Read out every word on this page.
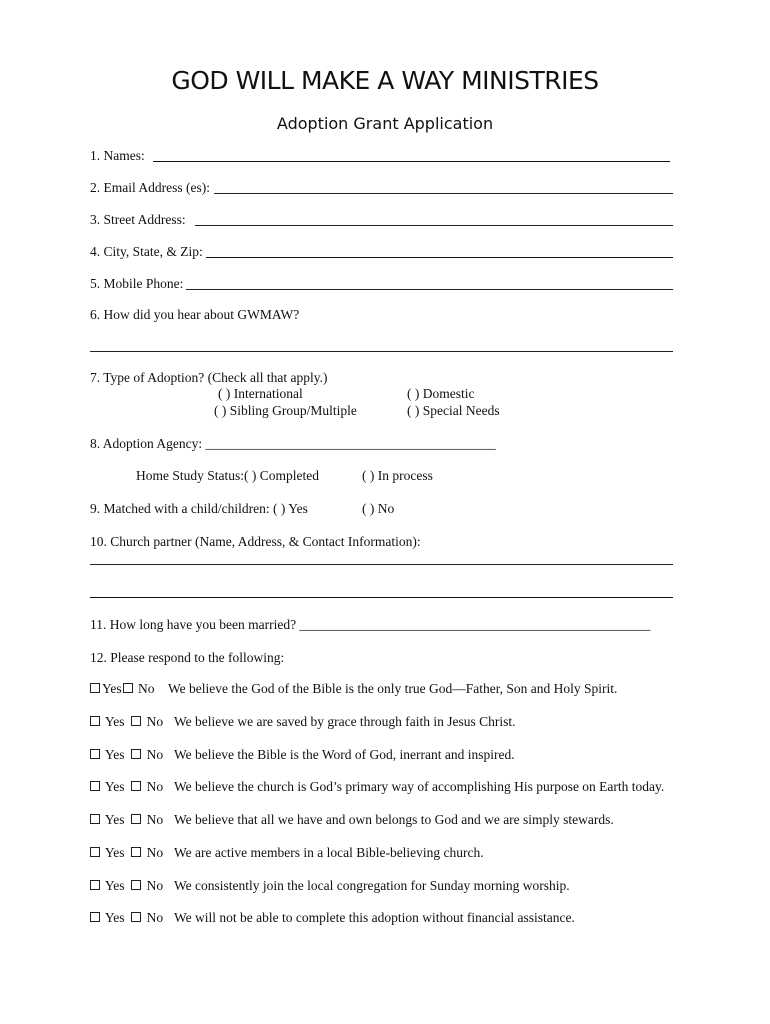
GOD WILL MAKE A WAY MINISTRIES
Adoption Grant Application
1. Names:
2. Email Address (es):
3. Street Address:
4. City, State, & Zip:
5. Mobile Phone:
6. How did you hear about GWMAW?
7. Type of Adoption? (Check all that apply.)
( ) International	( ) Domestic
( ) Sibling Group/Multiple	( ) Special Needs
8. Adoption Agency: ___________________________________________
Home Study Status:( ) Completed	( ) In process
9. Matched with a child/children: ( ) Yes	( ) No
10. Church partner (Name, Address, & Contact Information):
11. How long have you been married? ____________________________________________________
12. Please respond to the following:
Yes No We believe the God of the Bible is the only true God—Father, Son and Holy Spirit.
Yes No We believe we are saved by grace through faith in Jesus Christ.
Yes No We believe the Bible is the Word of God, inerrant and inspired.
Yes No We believe the church is God’s primary way of accomplishing His purpose on Earth today.
Yes No We believe that all we have and own belongs to God and we are simply stewards.
Yes No We are active members in a local Bible-believing church.
Yes No We consistently join the local congregation for Sunday morning worship.
Yes No We will not be able to complete this adoption without financial assistance.
